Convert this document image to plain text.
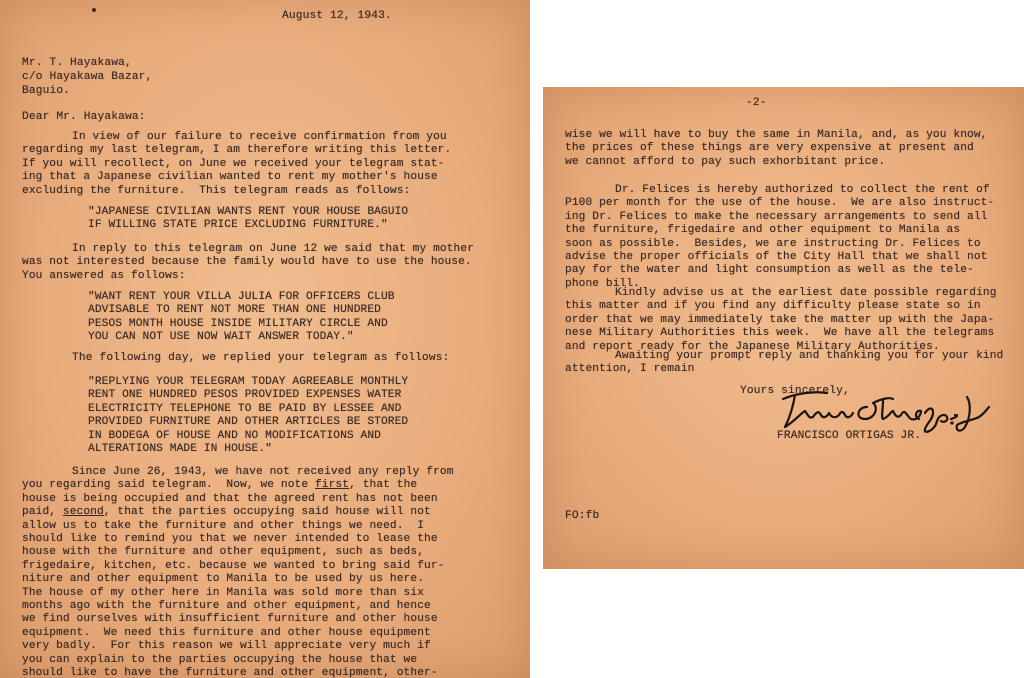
August 12, 1943.
Mr. T. Hayakawa,
c/o Hayakawa Bazar,
Baguio.
Dear Mr. Hayakawa:
In view of our failure to receive confirmation from you
regarding my last telegram, I am therefore writing this letter.
If you will recollect, on June we received your telegram stat-
ing that a Japanese civilian wanted to rent my mother's house
excluding the furniture.  This telegram reads as follows:
"JAPANESE CIVILIAN WANTS RENT YOUR HOUSE BAGUIO
IF WILLING STATE PRICE EXCLUDING FURNITURE."
In reply to this telegram on June 12 we said that my mother
was not interested because the family would have to use the house.
You answered as follows:
"WANT RENT YOUR VILLA JULIA FOR OFFICERS CLUB
ADVISABLE TO RENT NOT MORE THAN ONE HUNDRED
PESOS MONTH HOUSE INSIDE MILITARY CIRCLE AND
YOU CAN NOT USE NOW WAIT ANSWER TODAY."
The following day, we replied your telegram as follows:
"REPLYING YOUR TELEGRAM TODAY AGREEABLE MONTHLY
RENT ONE HUNDRED PESOS PROVIDED EXPENSES WATER
ELECTRICITY TELEPHONE TO BE PAID BY LESSEE AND
PROVIDED FURNITURE AND OTHER ARTICLES BE STORED
IN BODEGA OF HOUSE AND NO MODIFICATIONS AND
ALTERATIONS MADE IN HOUSE."
Since June 26, 1943, we have not received any reply from
you regarding said telegram.  Now, we note first, that the
house is being occupied and that the agreed rent has not been
paid, second, that the parties occupying said house will not
allow us to take the furniture and other things we need.  I
should like to remind you that we never intended to lease the
house with the furniture and other equipment, such as beds,
frigedaire, kitchen, etc. because we wanted to bring said fur-
niture and other equipment to Manila to be used by us here.
The house of my other here in Manila was sold more than six
months ago with the furniture and other equipment, and hence
we find ourselves with insufficient furniture and other house
equipment.  We need this furniture and other house equipment
very badly.  For this reason we will appreciate very much if
you can explain to the parties occupying the house that we
should like to have the furniture and other equipment, other-
-2-
wise we will have to buy the same in Manila, and, as you know,
the prices of these things are very expensive at present and
we cannot afford to pay such exhorbitant price.
Dr. Felices is hereby authorized to collect the rent of
P100 per month for the use of the house.  We are also instruct-
ing Dr. Felices to make the necessary arrangements to send all
the furniture, frigedaire and other equipment to Manila as
soon as possible.  Besides, we are instructing Dr. Felices to
advise the proper officials of the City Hall that we shall not
pay for the water and light consumption as well as the tele-
phone bill.
Kindly advise us at the earliest date possible regarding
this matter and if you find any difficulty please state so in
order that we may immediately take the matter up with the Japa-
nese Military Authorities this week.  We have all the telegrams
and report ready for the Japanese Military Authorities.
Awaiting your prompt reply and thanking you for your kind
attention, I remain
Yours sincerely,
FRANCISCO ORTIGAS JR.
FO:fb
